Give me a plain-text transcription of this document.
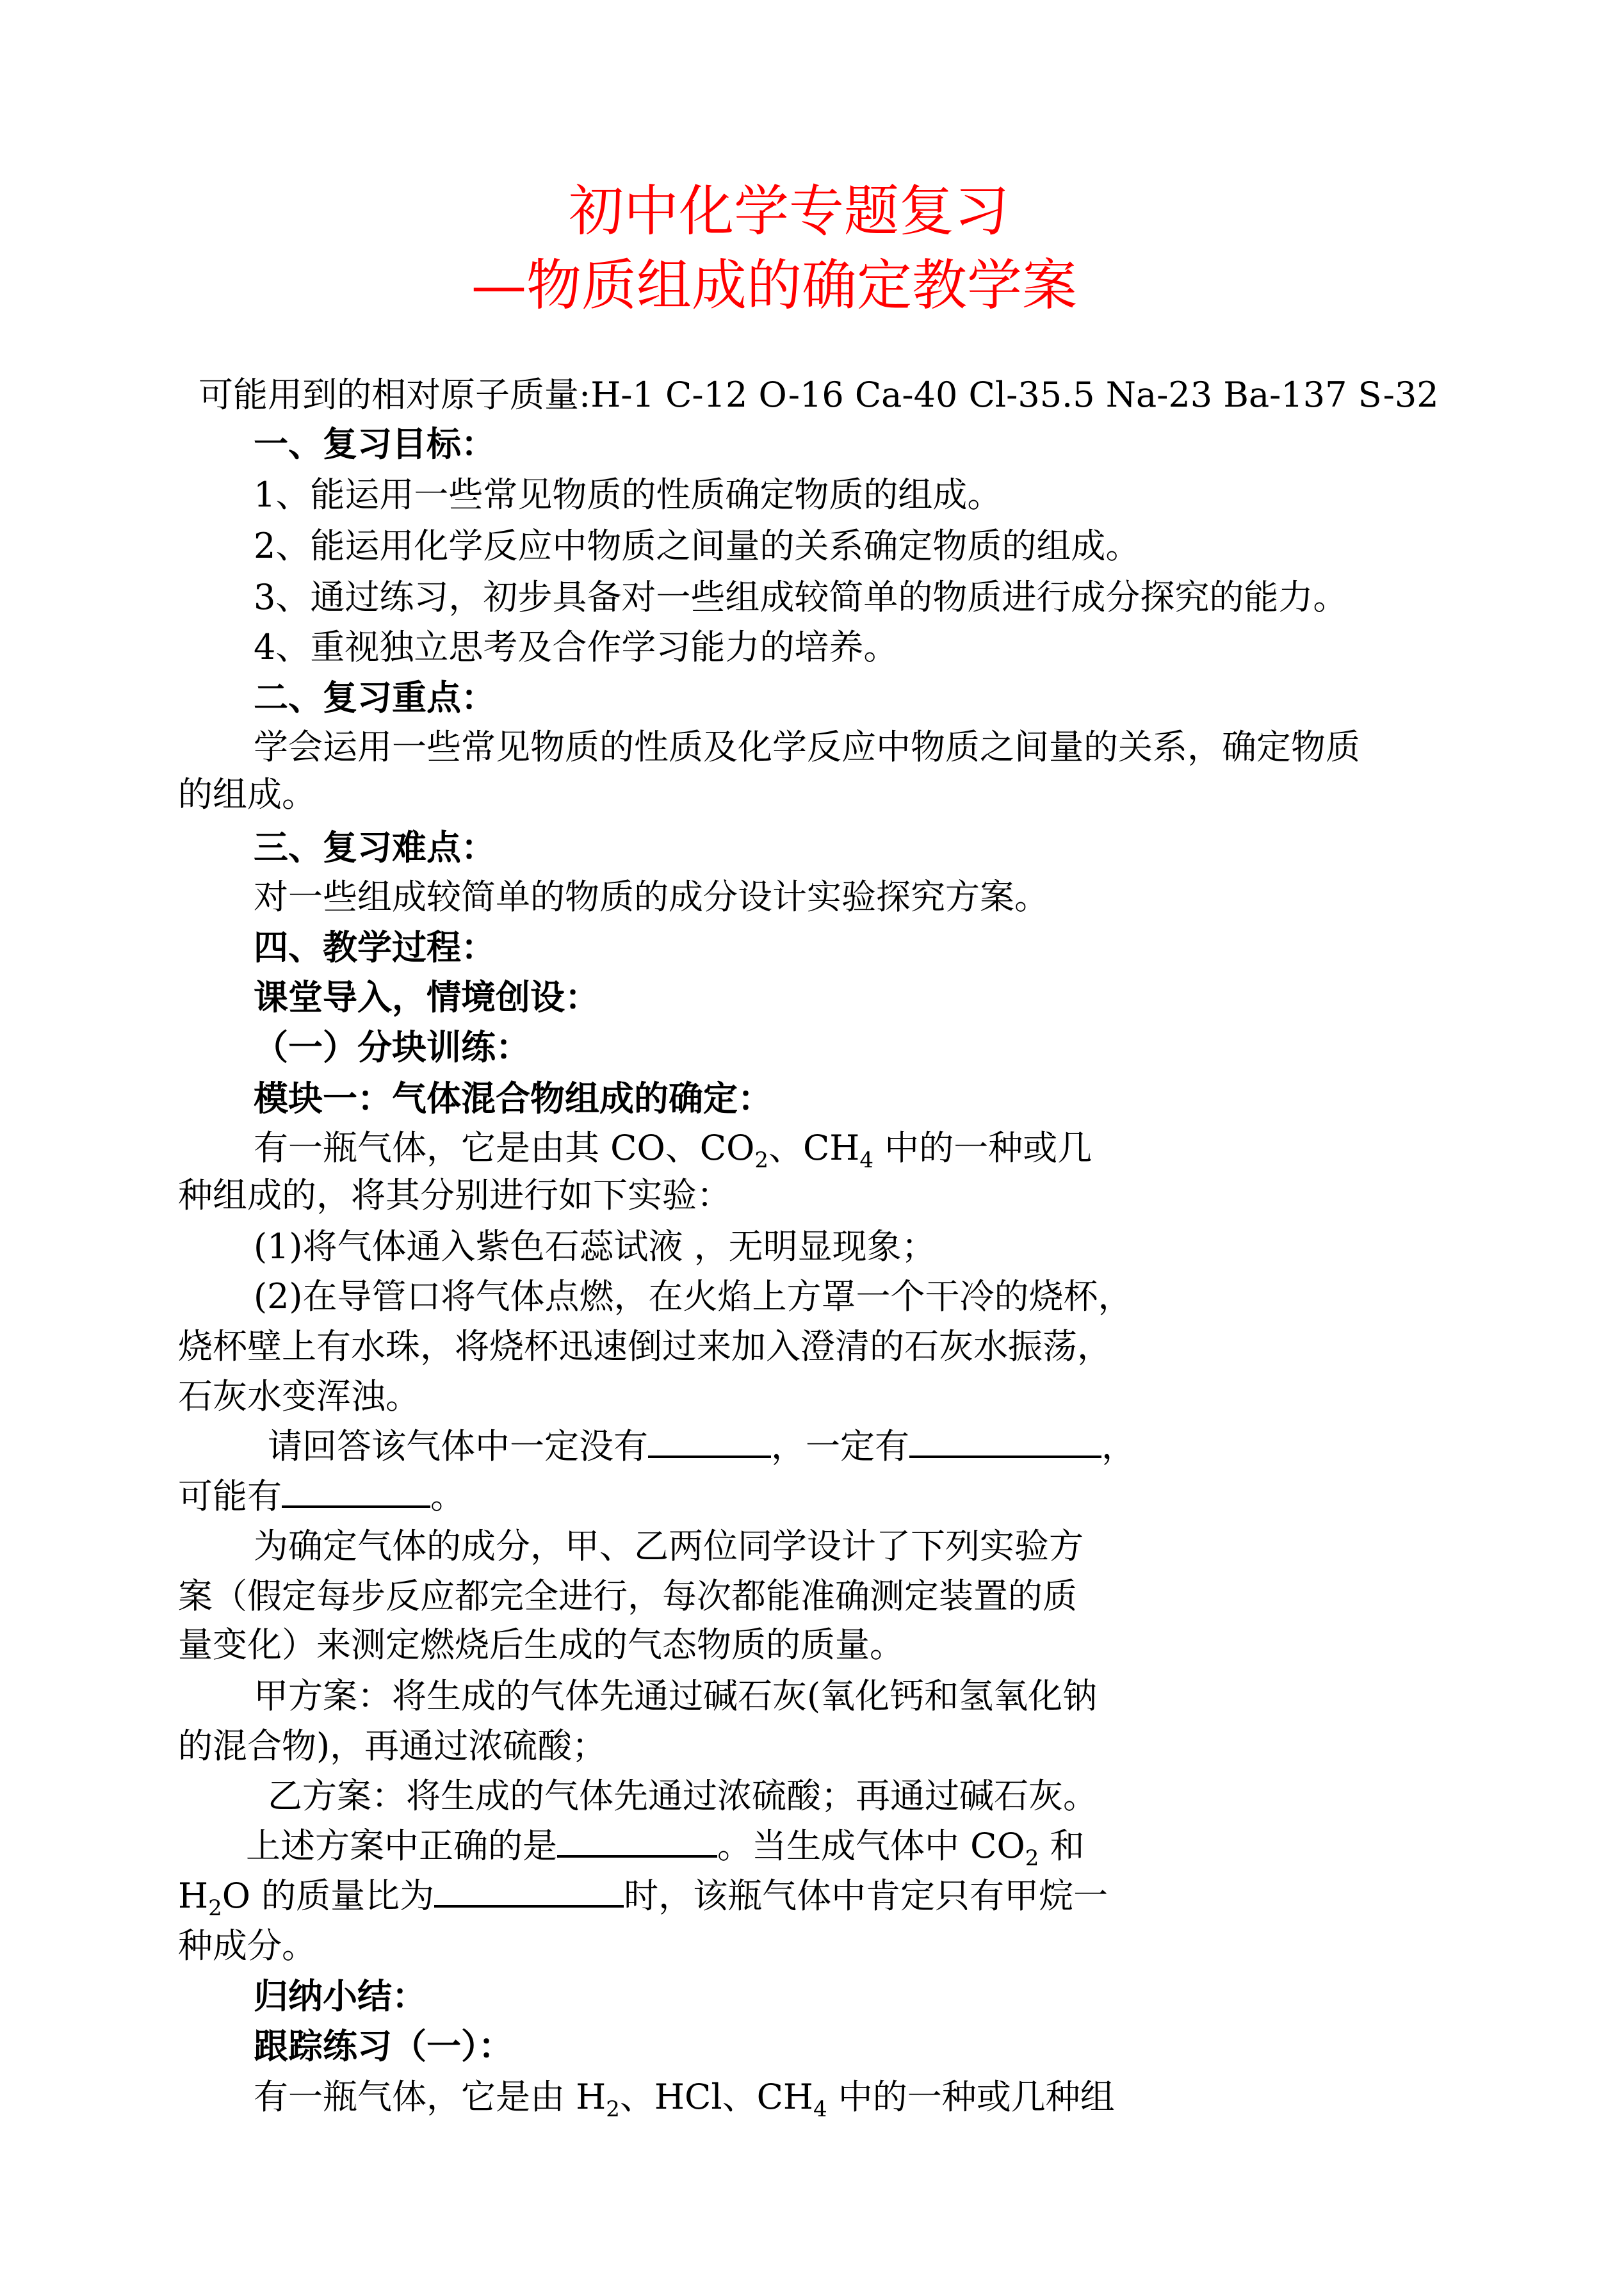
初中化学专题复习
—物质组成的确定教学案
可能用到的相对原子质量:H-1 C-12 O-16 Ca-40 Cl-35.5 Na-23 Ba-137 S-32
一、复习目标：
1、能运用一些常见物质的性质确定物质的组成。
2、能运用化学反应中物质之间量的关系确定物质的组成。
3、通过练习，初步具备对一些组成较简单的物质进行成分探究的能力。
4、重视独立思考及合作学习能力的培养。
二、复习重点：
学会运用一些常见物质的性质及化学反应中物质之间量的关系，确定物质
的组成。
三、复习难点：
对一些组成较简单的物质的成分设计实验探究方案。
四、教学过程：
课堂导入，情境创设：
（一）分块训练：
模块一：气体混合物组成的确定：
有一瓶气体，它是由其 CO、$CO_2$、$CH_4$ 中的一种或几
种组成的，将其分别进行如下实验：
(1)将气体通入紫色石蕊试液 ，无明显现象；
(2)在导管口将气体点燃，在火焰上方罩一个干冷的烧杯，
烧杯壁上有水珠，将烧杯迅速倒过来加入澄清的石灰水振荡，
石灰水变浑浊。
请回答该气体中一定没有	，一定有	，
可能有	。
为确定气体的成分，甲、乙两位同学设计了下列实验方
案（假定每步反应都完全进行，每次都能准确测定装置的质
量变化）来测定燃烧后生成的气态物质的质量。
甲方案：将生成的气体先通过碱石灰(氧化钙和氢氧化钠
的混合物)，再通过浓硫酸；
乙方案：将生成的气体先通过浓硫酸；再通过碱石灰。
上述方案中正确的是	。当生成气体中 $CO_2$ 和
$H_2O$ 的质量比为	时，该瓶气体中肯定只有甲烷一
种成分。
归纳小结：
跟踪练习（一）：
有一瓶气体，它是由 $H_2$、HCl、$CH_4$ 中的一种或几种组
